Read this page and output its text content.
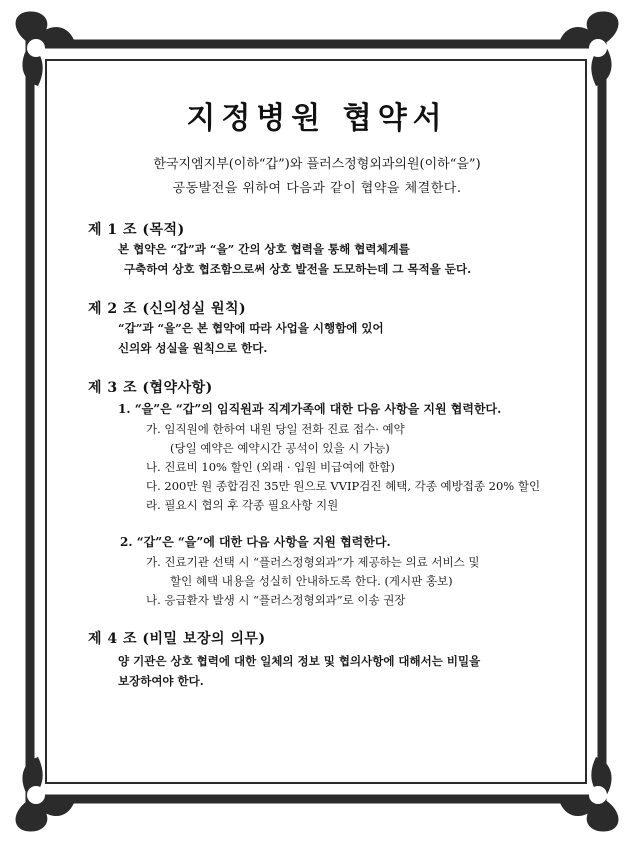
지정병원 협약서
한국지엠지부(이하“갑”)와 플러스정형외과의원(이하“을”)
공동발전을 위하여 다음과 같이 협약을 체결한다.
제 1 조 (목적)
본 협약은 “갑”과 “을” 간의 상호 협력을 통해 협력체계를
구축하여 상호 협조함으로써 상호 발전을 도모하는데 그 목적을 둔다.
제 2 조 (신의성실 원칙)
“갑”과 “을”은 본 협약에 따라 사업을 시행함에 있어
신의와 성실을 원칙으로 한다.
제 3 조 (협약사항)
1. “을”은 “갑”의 임직원과 직계가족에 대한 다음 사항을 지원 협력한다.
가. 임직원에 한하여 내원 당일 전화 진료 접수· 예약
(당일 예약은 예약시간 공석이 있을 시 가능)
나. 진료비 10% 할인 (외래 · 입원 비급여에 한함)
다. 200만 원 종합검진 35만 원으로 VVIP검진 혜택, 각종 예방접종 20% 할인
라. 필요시 협의 후 각종 필요사항 지원
2. “갑”은 “을”에 대한 다음 사항을 지원 협력한다.
가. 진료기관 선택 시 “플러스정형외과”가 제공하는 의료 서비스 및
할인 혜택 내용을 성실히 안내하도록 한다. (게시판 홍보)
나. 응급환자 발생 시 “플러스정형외과”로 이송 권장
제 4 조 (비밀 보장의 의무)
양 기관은 상호 협력에 대한 일체의 정보 및 협의사항에 대해서는 비밀을
보장하여야 한다.
